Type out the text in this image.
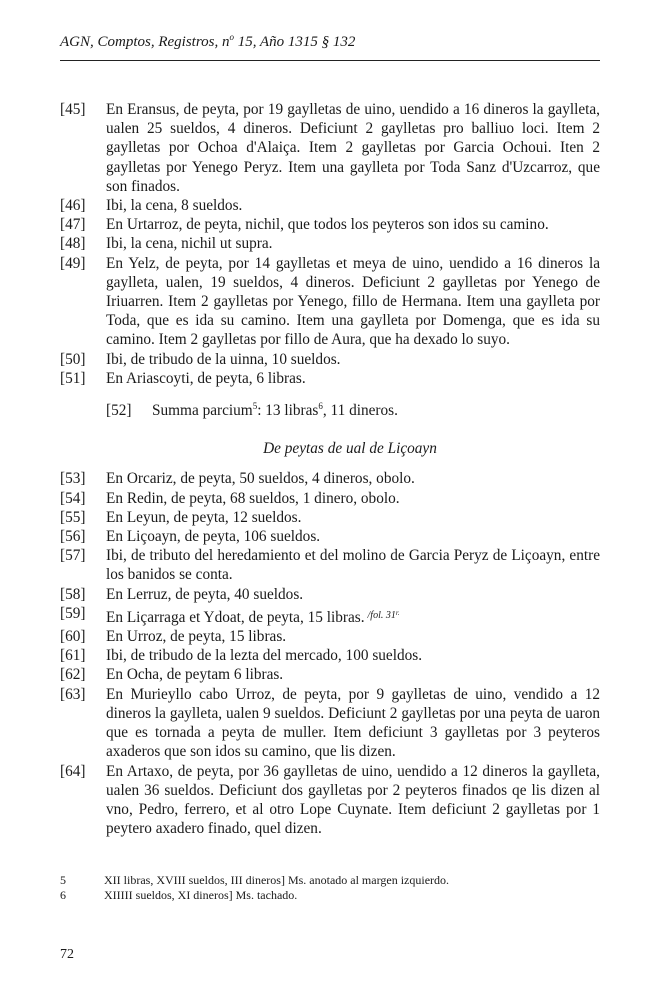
AGN, Comptos, Registros, $n^o$ 15, Año 1315 § 132
[45]	En Eransus, de peyta, por 19 gaylletas de uino, uendido a 16 dineros la gaylleta, ualen 25 sueldos, 4 dineros. Deficiunt 2 gaylletas pro balliuo loci. Item 2 gaylletas por Ochoa d'Alaiça. Item 2 gaylletas por Garcia Ochoui. Iten 2 gaylletas por Yenego Peryz. Item una gaylleta por Toda Sanz d'Uzcarroz, que son finados.
[46]	Ibi, la cena, 8 sueldos.
[47]	En Urtarroz, de peyta, nichil, que todos los peyteros son idos su camino.
[48]	Ibi, la cena, nichil ut supra.
[49]	En Yelz, de peyta, por 14 gaylletas et meya de uino, uendido a 16 dineros la gaylleta, ualen, 19 sueldos, 4 dineros. Deficiunt 2 gaylletas por Yenego de Iriuarren. Item 2 gaylletas por Yenego, fillo de Hermana. Item una gaylleta por Toda, que es ida su camino. Item una gaylleta por Domenga, que es ida su camino. Item 2 gaylletas por fillo de Aura, que ha dexado lo suyo.
[50]	Ibi, de tribudo de la uinna, 10 sueldos.
[51]	En Ariascoyti, de peyta, 6 libras.
[52]	Summa parcium$^5$: 13 libras$^6$, 11 dineros.
De peytas de ual de Liçoayn
[53]	En Orcariz, de peyta, 50 sueldos, 4 dineros, obolo.
[54]	En Redin, de peyta, 68 sueldos, 1 dinero, obolo.
[55]	En Leyun, de peyta, 12 sueldos.
[56]	En Liçoayn, de peyta, 106 sueldos.
[57]	Ibi, de tributo del heredamiento et del molino de Garcia Peryz de Liçoayn, entre los banidos se conta.
[58]	En Lerruz, de peyta, 40 sueldos.
[59]	En Liçarraga et Ydoat, de peyta, 15 libras. $^{/fol. 31^{r.}}$
[60]	En Urroz, de peyta, 15 libras.
[61]	Ibi, de tribudo de la lezta del mercado, 100 sueldos.
[62]	En Ocha, de peytam 6 libras.
[63]	En Murieyllo cabo Urroz, de peyta, por 9 gaylletas de uino, vendido a 12 dineros la gaylleta, ualen 9 sueldos. Deficiunt 2 gaylletas por una peyta de uaron que es tornada a peyta de muller. Item deficiunt 3 gaylletas por 3 peyteros axaderos que son idos su camino, que lis dizen.
[64]	En Artaxo, de peyta, por 36 gaylletas de uino, uendido a 12 dineros la gaylleta, ualen 36 sueldos. Deficiunt dos gaylletas por 2 peyteros finados qe lis dizen al vno, Pedro, ferrero, et al otro Lope Cuynate. Item deficiunt 2 gaylletas por 1 peytero axadero finado, quel dizen.
5	XII libras, XVIII sueldos, III dineros] Ms. anotado al margen izquierdo.
6	XIIIII sueldos, XI dineros] Ms. tachado.
72
